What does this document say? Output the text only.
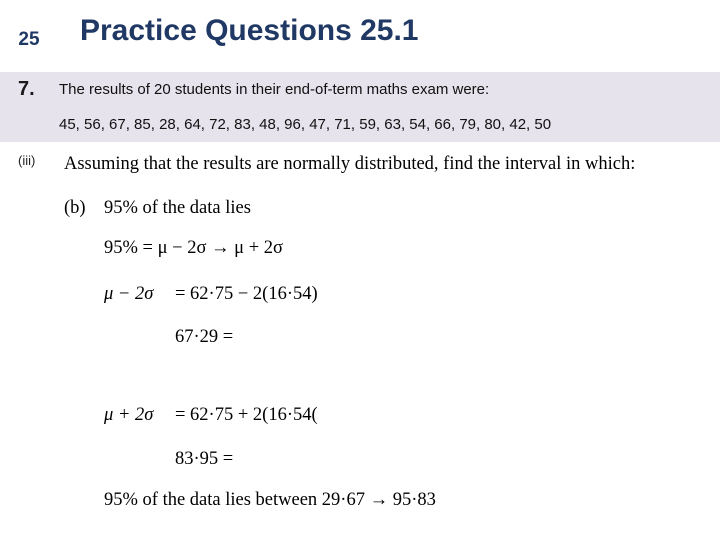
25	Practice Questions 25.1
7. The results of 20 students in their end-of-term maths exam were:
45, 56, 67, 85, 28, 64, 72, 83, 48, 96, 47, 71, 59, 63, 54, 66, 79, 80, 42, 50
(iii) Assuming that the results are normally distributed, find the interval in which:
(b) 95% of the data lies
95% = μ − 2σ → μ + 2σ
μ − 2σ = 62·75 − 2(16·54)
67·29 =
μ + 2σ = 62·75 + 2(16·54(
83·95 =
95% of the data lies between 29·67 → 95·83
